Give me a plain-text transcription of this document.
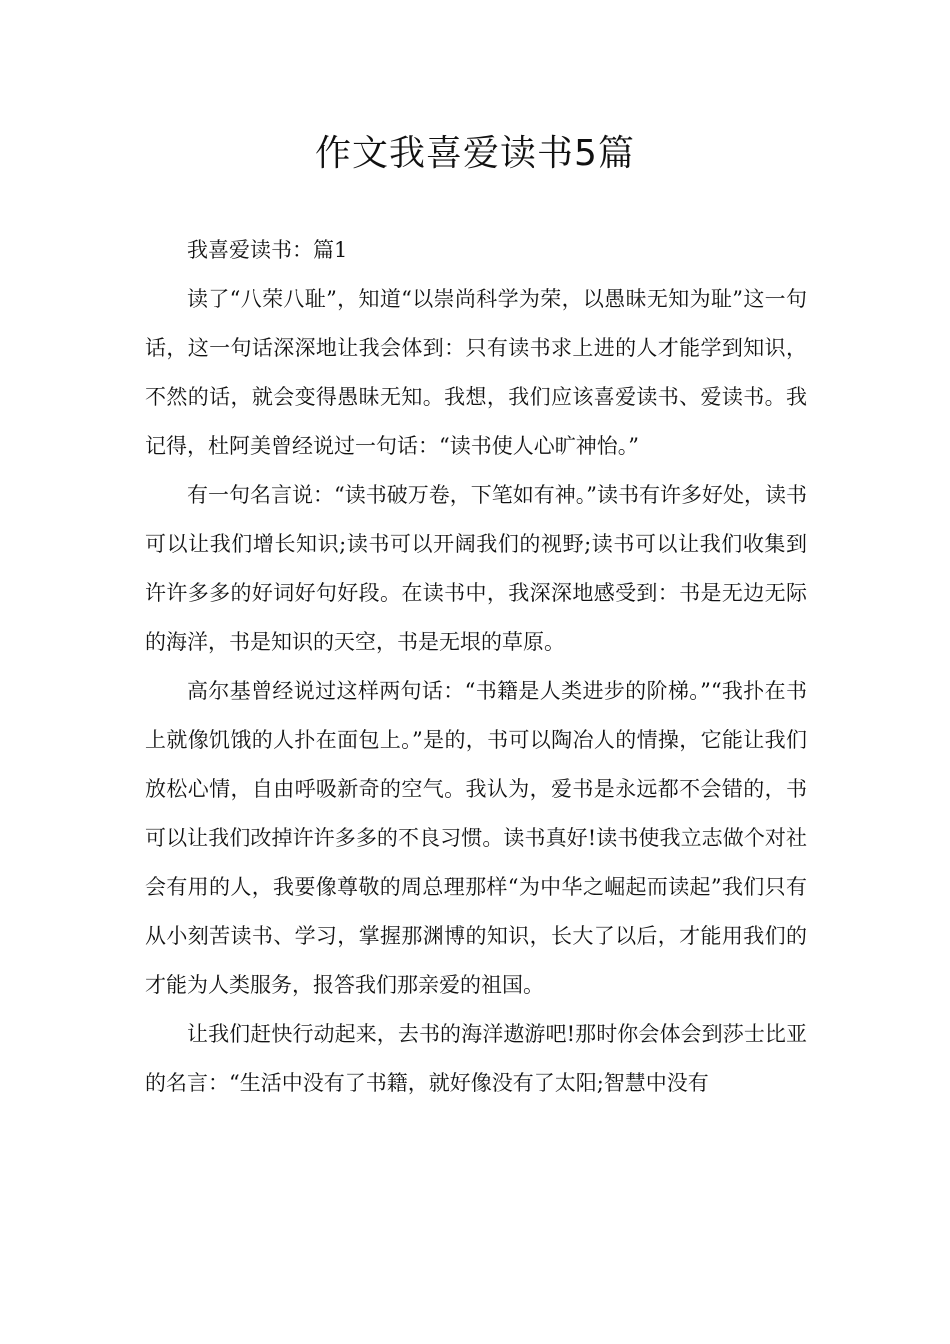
作文我喜爱读书5篇

我喜爱读书：篇1

读了“八荣八耻”，知道“以崇尚科学为荣，以愚昧无知为耻”这一句话，这一句话深深地让我会体到：只有读书求上进的人才能学到知识，不然的话，就会变得愚昧无知。我想，我们应该喜爱读书、爱读书。我记得，杜阿美曾经说过一句话：“读书使人心旷神怡。”

有一句名言说：“读书破万卷，下笔如有神。”读书有许多好处，读书可以让我们增长知识;读书可以开阔我们的视野;读书可以让我们收集到许许多多的好词好句好段。在读书中，我深深地感受到：书是无边无际的海洋，书是知识的天空，书是无垠的草原。

高尔基曾经说过这样两句话：“书籍是人类进步的阶梯。”“我扑在书上就像饥饿的人扑在面包上。”是的，书可以陶冶人的情操，它能让我们放松心情，自由呼吸新奇的空气。我认为，爱书是永远都不会错的，书可以让我们改掉许许多多的不良习惯。读书真好!读书使我立志做个对社会有用的人，我要像尊敬的周总理那样“为中华之崛起而读起”我们只有从小刻苦读书、学习，掌握那渊博的知识，长大了以后，才能用我们的才能为人类服务，报答我们那亲爱的祖国。

让我们赶快行动起来，去书的海洋遨游吧!那时你会体会到莎士比亚的名言：“生活中没有了书籍，就好像没有了太阳;智慧中没有
